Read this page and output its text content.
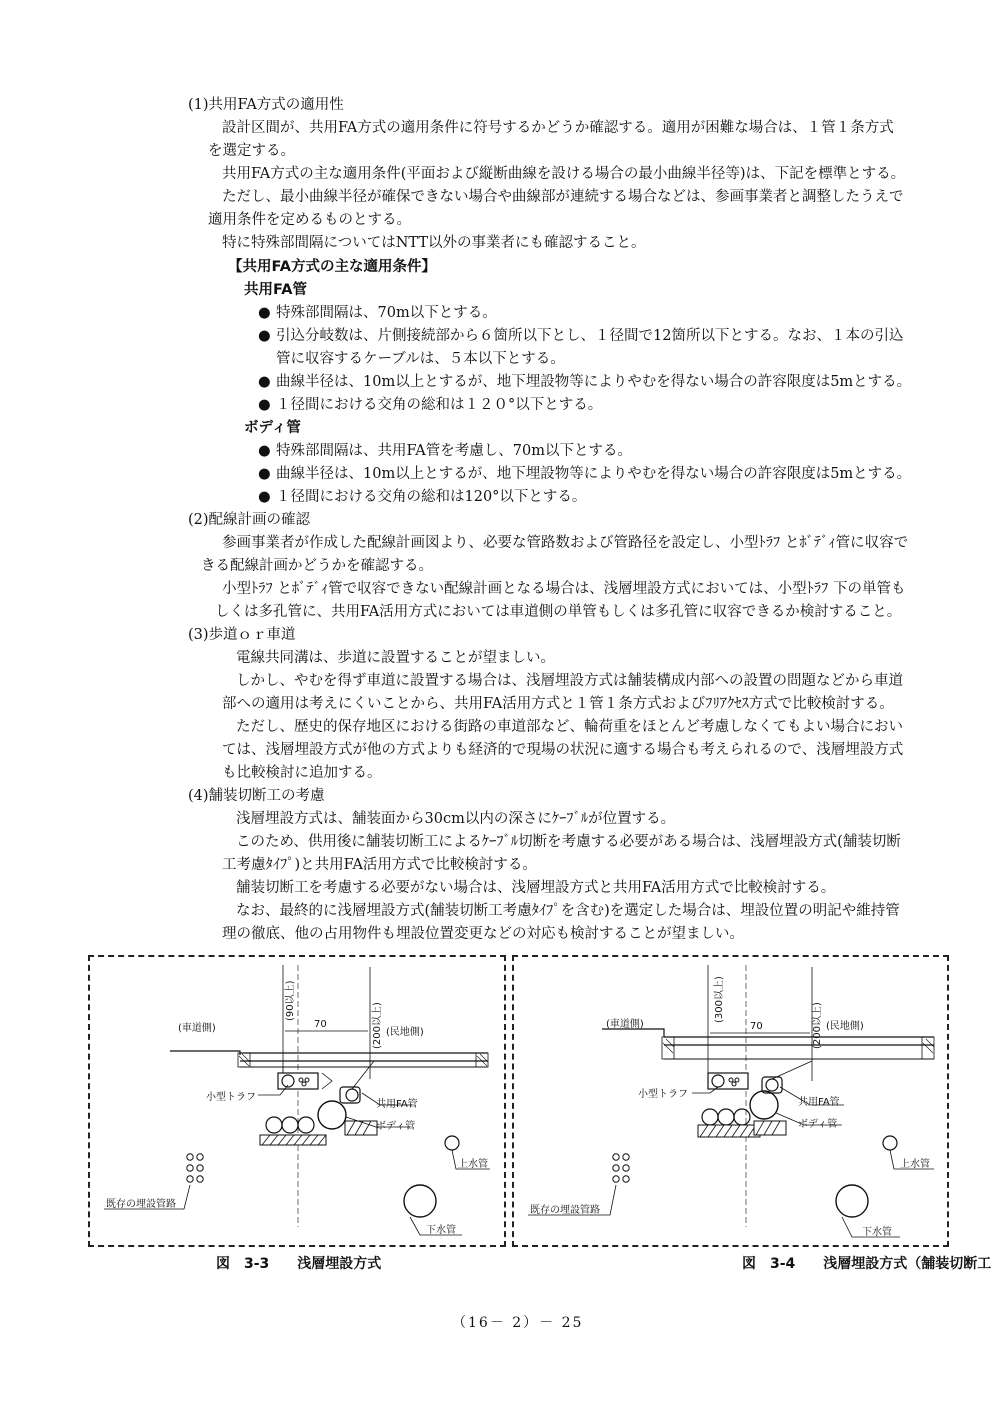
(1)共用FA方式の適用性
設計区間が、共用FA方式の適用条件に符号するかどうか確認する。適用が困難な場合は、１管１条方式
を選定する。
共用FA方式の主な適用条件(平面および縦断曲線を設ける場合の最小曲線半径等)は、下記を標準とする。
ただし、最小曲線半径が確保できない場合や曲線部が連続する場合などは、参画事業者と調整したうえで
適用条件を定めるものとする。
特に特殊部間隔についてはNTT以外の事業者にも確認すること。
【共用FA方式の主な適用条件】
共用FA管
● 特殊部間隔は、70m以下とする。
● 引込分岐数は、片側接続部から６箇所以下とし、１径間で12箇所以下とする。なお、１本の引込
管に収容するケーブルは、５本以下とする。
● 曲線半径は、10m以上とするが、地下埋設物等によりやむを得ない場合の許容限度は5mとする。
● １径間における交角の総和は１２０°以下とする。
ボディ管
● 特殊部間隔は、共用FA管を考慮し、70m以下とする。
● 曲線半径は、10m以上とするが、地下埋設物等によりやむを得ない場合の許容限度は5mとする。
● １径間における交角の総和は120°以下とする。
(2)配線計画の確認
参画事業者が作成した配線計画図より、必要な管路数および管路径を設定し、小型ﾄﾗﾌ とﾎﾞﾃﾞｨ管に収容で
きる配線計画かどうかを確認する。
小型ﾄﾗﾌ とﾎﾞﾃﾞｨ管で収容できない配線計画となる場合は、浅層埋設方式においては、小型ﾄﾗﾌ 下の単管も
しくは多孔管に、共用FA活用方式においては車道側の単管もしくは多孔管に収容できるか検討すること。
(3)歩道ｏｒ車道
電線共同溝は、歩道に設置することが望ましい。
しかし、やむを得ず車道に設置する場合は、浅層埋設方式は舗装構成内部への設置の問題などから車道
部への適用は考えにくいことから、共用FA活用方式と１管１条方式およびﾌﾘｱｸｾｽ方式で比較検討する。
ただし、歴史的保存地区における街路の車道部など、輪荷重をほとんど考慮しなくてもよい場合におい
ては、浅層埋設方式が他の方式よりも経済的で現場の状況に適する場合も考えられるので、浅層埋設方式
も比較検討に追加する。
(4)舗装切断工の考慮
浅層埋設方式は、舗装面から30cm以内の深さにｹｰﾌﾞﾙが位置する。
このため、供用後に舗装切断工によるｹｰﾌﾞﾙ切断を考慮する必要がある場合は、浅層埋設方式(舗装切断
工考慮ﾀｲﾌﾟ)と共用FA活用方式で比較検討する。
舗装切断工を考慮する必要がない場合は、浅層埋設方式と共用FA活用方式で比較検討する。
なお、最終的に浅層埋設方式(舗装切断工考慮ﾀｲﾌﾟを含む)を選定した場合は、埋設位置の明記や維持管
理の徹底、他の占用物件も埋設位置変更などの対応も検討することが望ましい。
(車道側)	(民地側)
(90以上)
(200以上)
70
小型トラフ
共用FA管
ボディ管
上水管
既存の埋設管路
下水管
(車道側)	(民地側)
(300以上)
(200以上)
70
小型トラフ
共用FA管
ボディ管
上水管
既存の埋設管路
下水管
図　3-3　　浅層埋設方式	図　3-4　　浅層埋設方式（舗装切断工
（16－ 2）－ 25
